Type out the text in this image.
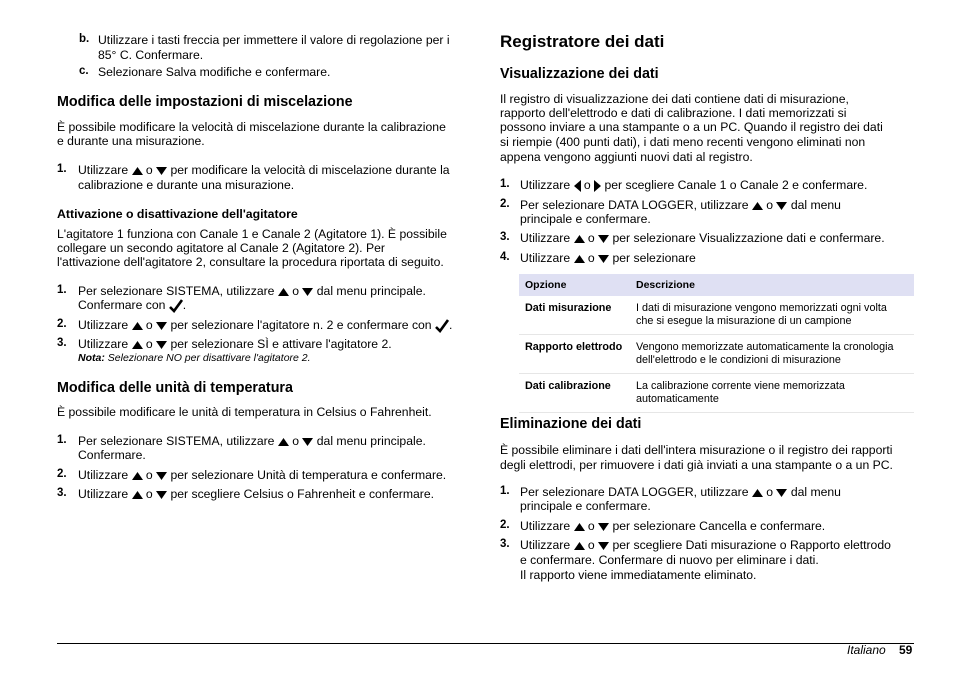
b. Utilizzare i tasti freccia per immettere il valore di regolazione per i
85° C. Confermare.
c. Selezionare Salva modifiche e confermare.
Modifica delle impostazioni di miscelazione
È possibile modificare la velocità di miscelazione durante la calibrazione
e durante una misurazione.
1. Utilizzare o per modificare la velocità di miscelazione durante la
calibrazione e durante una misurazione.
Attivazione o disattivazione dell'agitatore
L'agitatore 1 funziona con Canale 1 e Canale 2 (Agitatore 1). È possibile
collegare un secondo agitatore al Canale 2 (Agitatore 2). Per
l'attivazione dell'agitatore 2, consultare la procedura riportata di seguito.
1. Per selezionare SISTEMA, utilizzare o dal menu principale.
Confermare con .
2. Utilizzare o per selezionare l'agitatore n. 2 e confermare con .
3. Utilizzare o per selezionare SÌ e attivare l'agitatore 2.
Nota: Selezionare NO per disattivare l'agitatore 2.
Modifica delle unità di temperatura
È possibile modificare le unità di temperatura in Celsius o Fahrenheit.
1. Per selezionare SISTEMA, utilizzare o dal menu principale.
Confermare.
2. Utilizzare o per selezionare Unità di temperatura e confermare.
3. Utilizzare o per scegliere Celsius o Fahrenheit e confermare.
Registratore dei dati
Visualizzazione dei dati
Il registro di visualizzazione dei dati contiene dati di misurazione,
rapporto dell'elettrodo e dati di calibrazione. I dati memorizzati si
possono inviare a una stampante o a un PC. Quando il registro dei dati
si riempie (400 punti dati), i dati meno recenti vengono eliminati non
appena vengono aggiunti nuovi dati al registro.
1. Utilizzare o per scegliere Canale 1 o Canale 2 e confermare.
2. Per selezionare DATA LOGGER, utilizzare o dal menu
principale e confermare.
3. Utilizzare o per selezionare Visualizzazione dati e confermare.
4. Utilizzare o per selezionare
Opzione	Descrizione
Dati misurazione	I dati di misurazione vengono memorizzati ogni volta
che si esegue la misurazione di un campione
Rapporto elettrodo	Vengono memorizzate automaticamente la cronologia
dell'elettrodo e le condizioni di misurazione
Dati calibrazione	La calibrazione corrente viene memorizzata
automaticamente
Eliminazione dei dati
È possibile eliminare i dati dell'intera misurazione o il registro dei rapporti
degli elettrodi, per rimuovere i dati già inviati a una stampante o a un PC.
1. Per selezionare DATA LOGGER, utilizzare o dal menu
principale e confermare.
2. Utilizzare o per selezionare Cancella e confermare.
3. Utilizzare o per scegliere Dati misurazione o Rapporto elettrodo
e confermare. Confermare di nuovo per eliminare i dati.
Il rapporto viene immediatamente eliminato.
Italiano 59
